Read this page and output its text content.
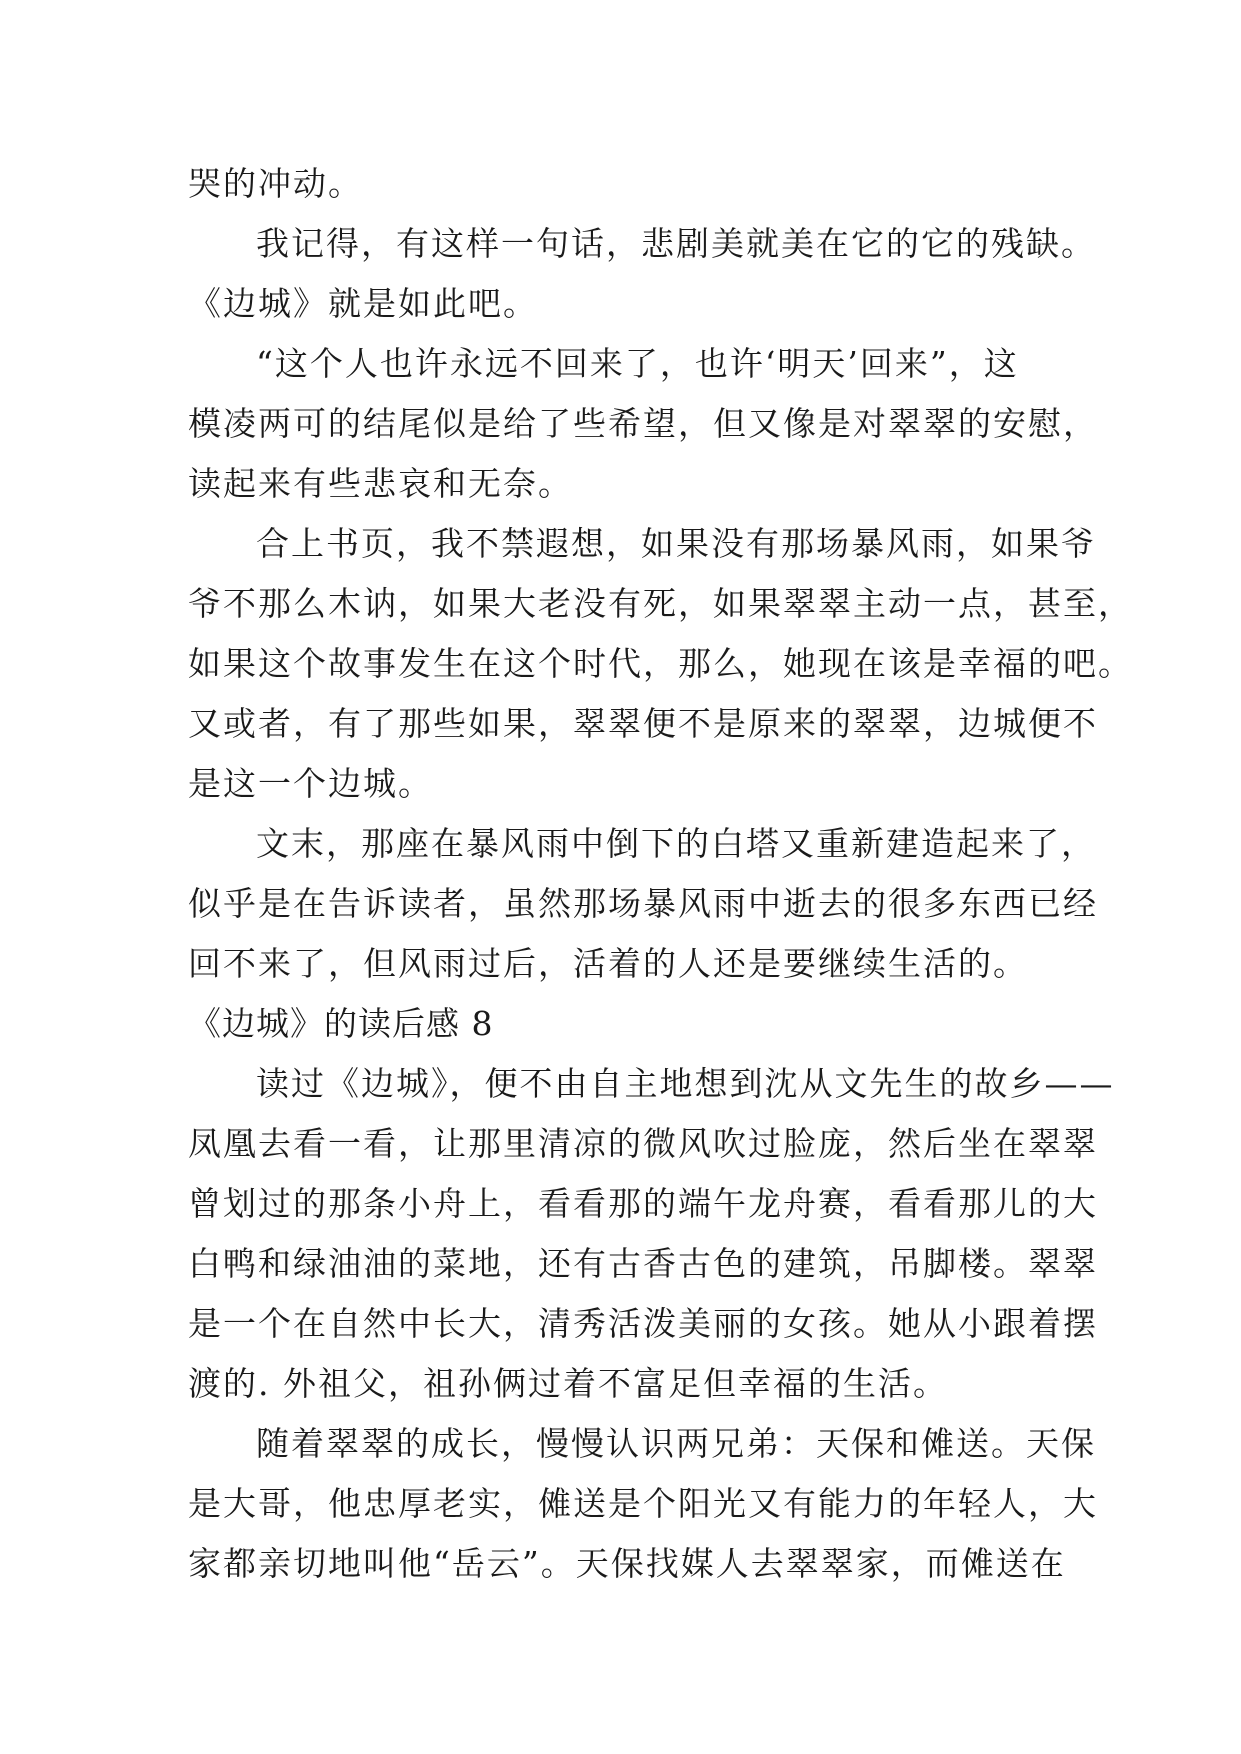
哭的冲动。
我记得，有这样一句话，悲剧美就美在它的它的残缺。
《边城》就是如此吧。
“这个人也许永远不回来了，也许‘明天’回来”，这
模凌两可的结尾似是给了些希望，但又像是对翠翠的安慰，
读起来有些悲哀和无奈。
合上书页，我不禁遐想，如果没有那场暴风雨，如果爷
爷不那么木讷，如果大老没有死，如果翠翠主动一点，甚至，
如果这个故事发生在这个时代，那么，她现在该是幸福的吧。
又或者，有了那些如果，翠翠便不是原来的翠翠，边城便不
是这一个边城。
文末，那座在暴风雨中倒下的白塔又重新建造起来了，
似乎是在告诉读者，虽然那场暴风雨中逝去的很多东西已经
回不来了，但风雨过后，活着的人还是要继续生活的。
《边城》的读后感 8
读过《边城》，便不由自主地想到沈从文先生的故乡——
凤凰去看一看，让那里清凉的微风吹过脸庞，然后坐在翠翠
曾划过的那条小舟上，看看那的端午龙舟赛，看看那儿的大
白鸭和绿油油的菜地，还有古香古色的建筑，吊脚楼。翠翠
是一个在自然中长大，清秀活泼美丽的女孩。她从小跟着摆
渡的. 外祖父，祖孙俩过着不富足但幸福的生活。
随着翠翠的成长，慢慢认识两兄弟：天保和傩送。天保
是大哥，他忠厚老实，傩送是个阳光又有能力的年轻人，大
家都亲切地叫他“岳云”。天保找媒人去翠翠家，而傩送在
